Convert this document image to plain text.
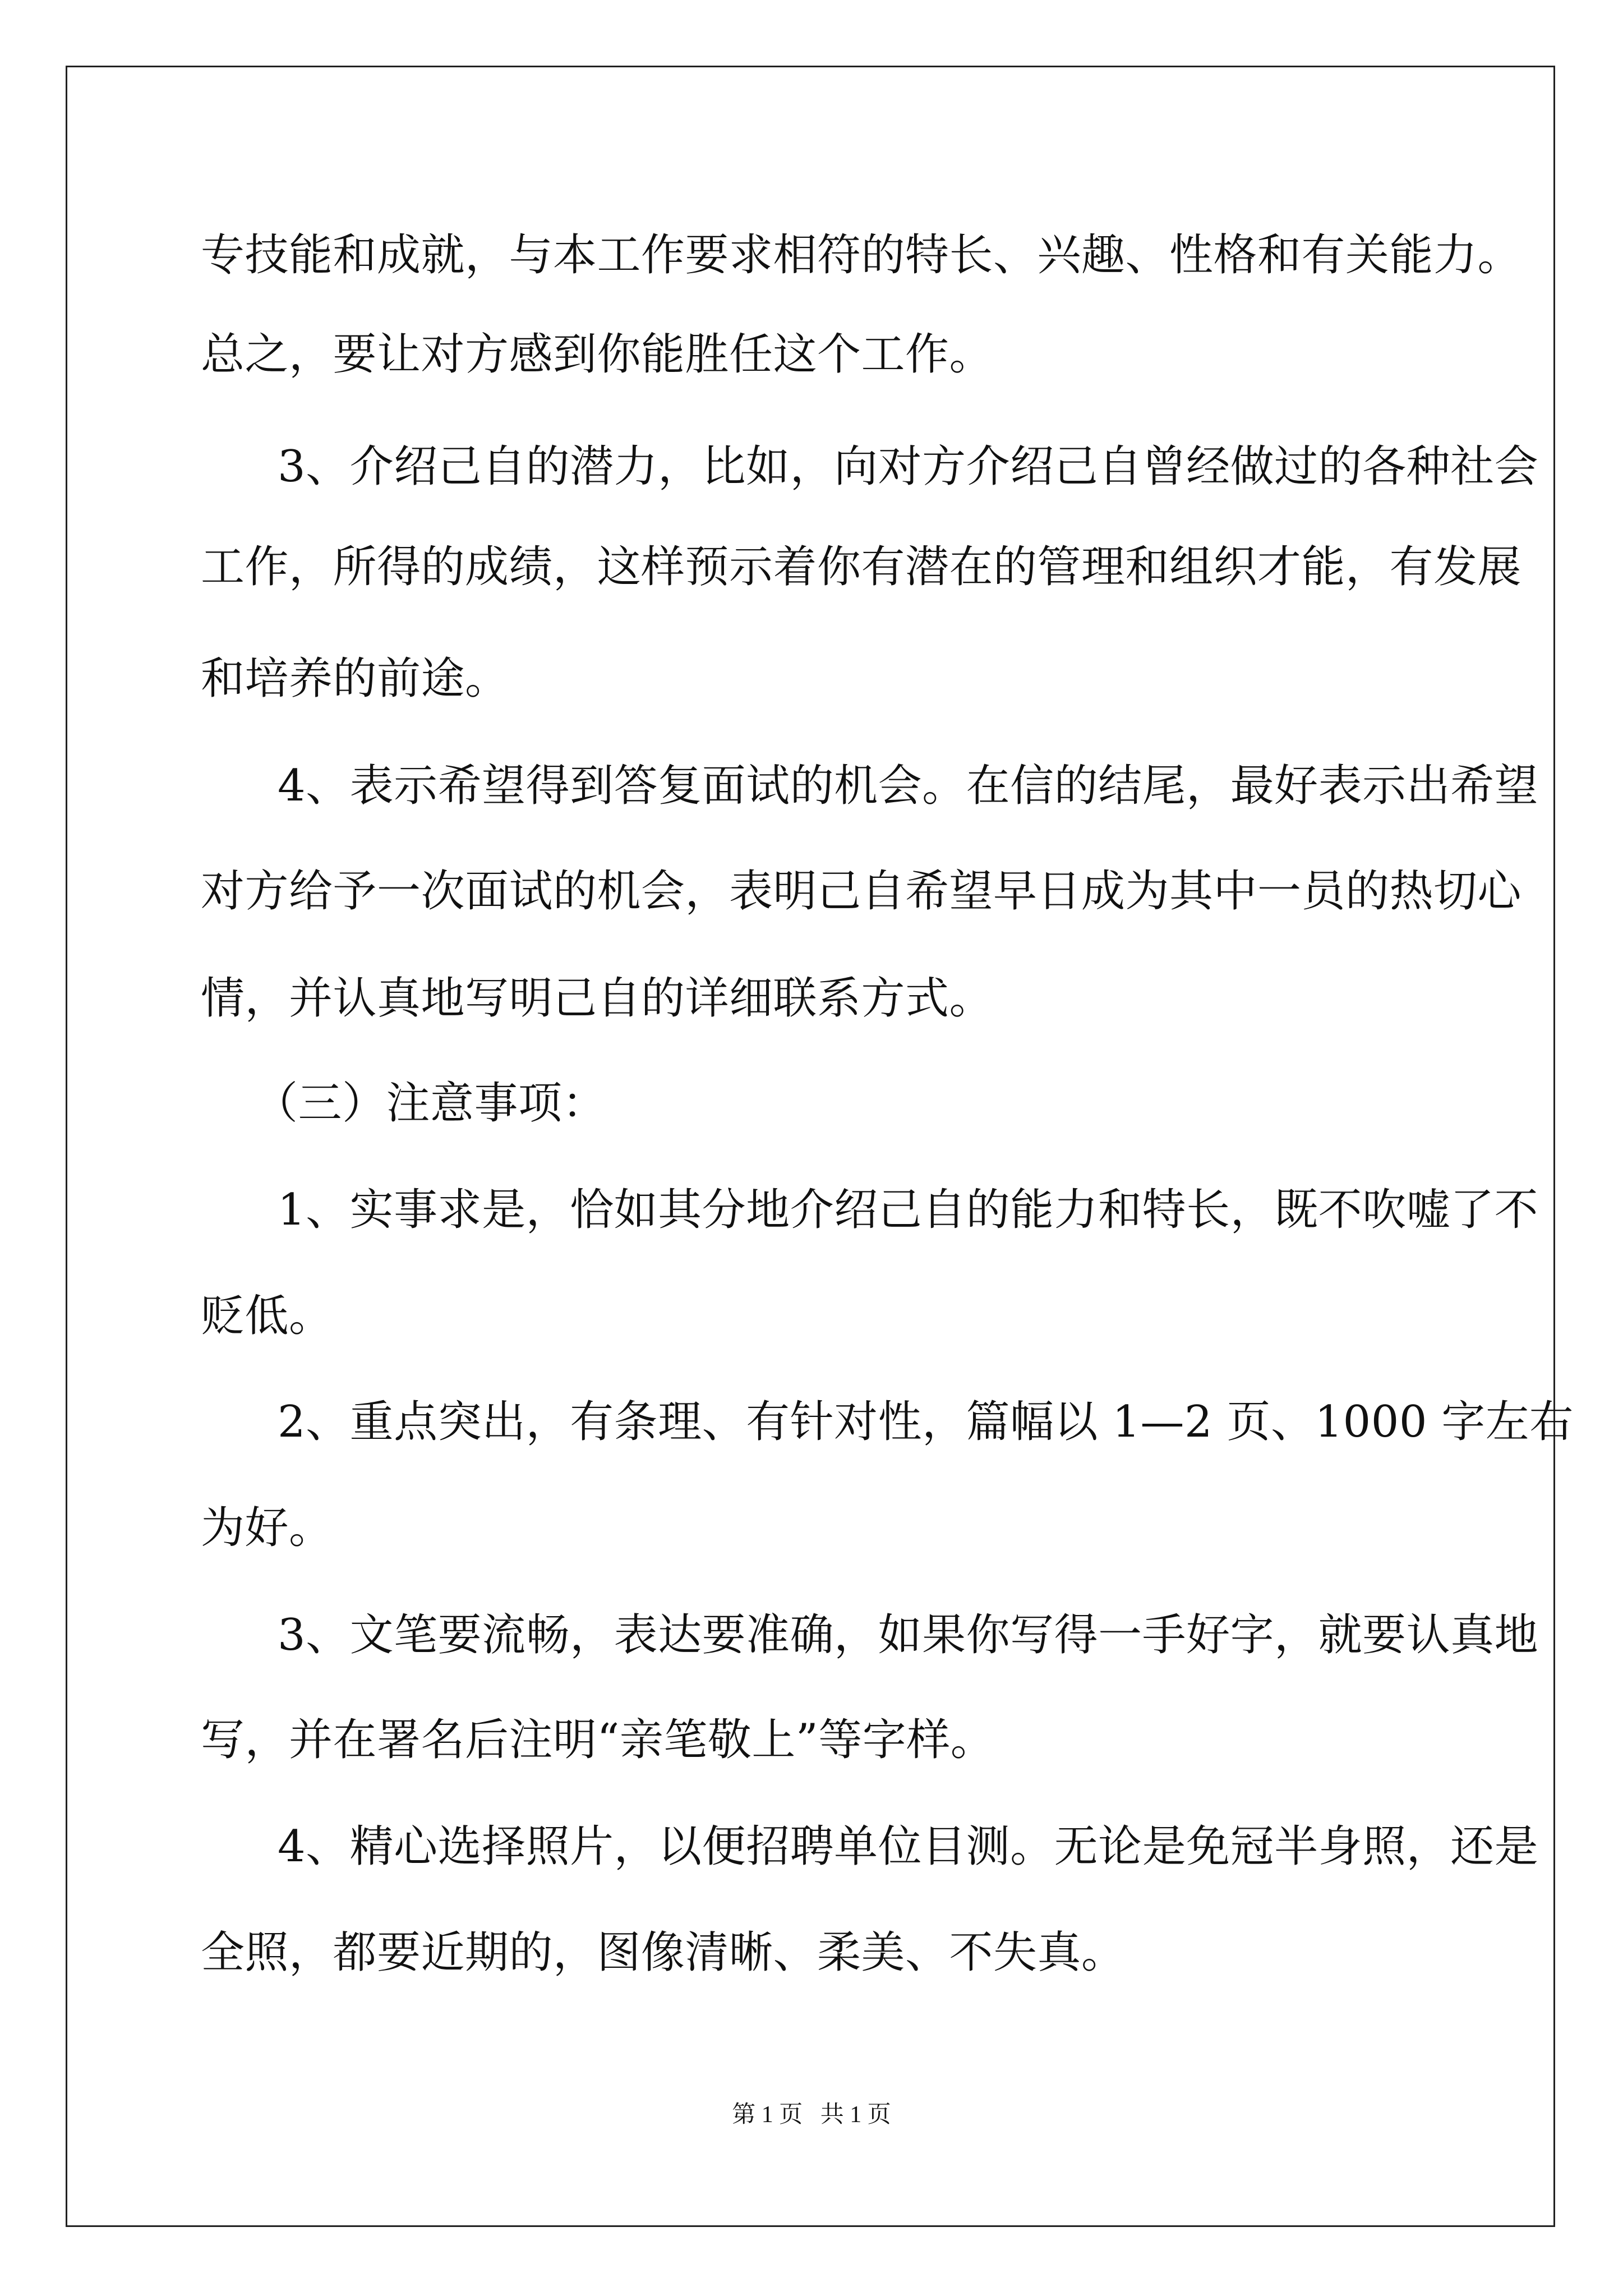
专技能和成就，与本工作要求相符的特长、兴趣、性格和有关能力。
总之，要让对方感到你能胜任这个工作。
3、介绍己自的潜力，比如，向对方介绍己自曾经做过的各种社会
工作，所得的成绩，这样预示着你有潜在的管理和组织才能，有发展
和培养的前途。
4、表示希望得到答复面试的机会。在信的结尾，最好表示出希望
对方给予一次面试的机会，表明己自希望早日成为其中一员的热切心
情，并认真地写明己自的详细联系方式。
（三）注意事项：
1、实事求是，恰如其分地介绍己自的能力和特长，既不吹嘘了不
贬低。
2、重点突出，有条理、有针对性，篇幅以 1—2 页、1000 字左右
为好。
3、文笔要流畅，表达要准确，如果你写得一手好字，就要认真地
写，并在署名后注明“亲笔敬上”等字样。
4、精心选择照片，以便招聘单位目测。无论是免冠半身照，还是
全照，都要近期的，图像清晰、柔美、不失真。
第 1 页   共 1 页
